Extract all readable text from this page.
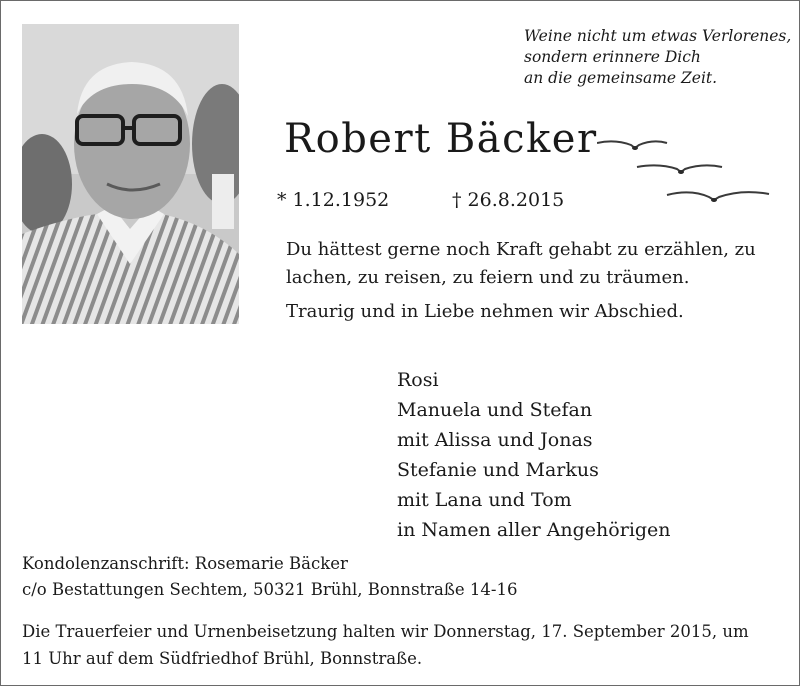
Weine nicht um etwas Verlorenes,
sondern erinnere Dich
an die gemeinsame Zeit.
Robert Bäcker
* 1.12.1952	† 26.8.2015
Du hättest gerne noch Kraft gehabt zu erzählen, zu
lachen, zu reisen, zu feiern und zu träumen.
Traurig und in Liebe nehmen wir Abschied.
Rosi
Manuela und Stefan
mit Alissa und Jonas
Stefanie und Markus
mit Lana und Tom
in Namen aller Angehörigen
Kondolenzanschrift: Rosemarie Bäcker
c/o Bestattungen Sechtem, 50321 Brühl, Bonnstraße 14-16
Die Trauerfeier und Urnenbeisetzung halten wir Donnerstag, 17. September 2015, um
11 Uhr auf dem Südfriedhof Brühl, Bonnstraße.
